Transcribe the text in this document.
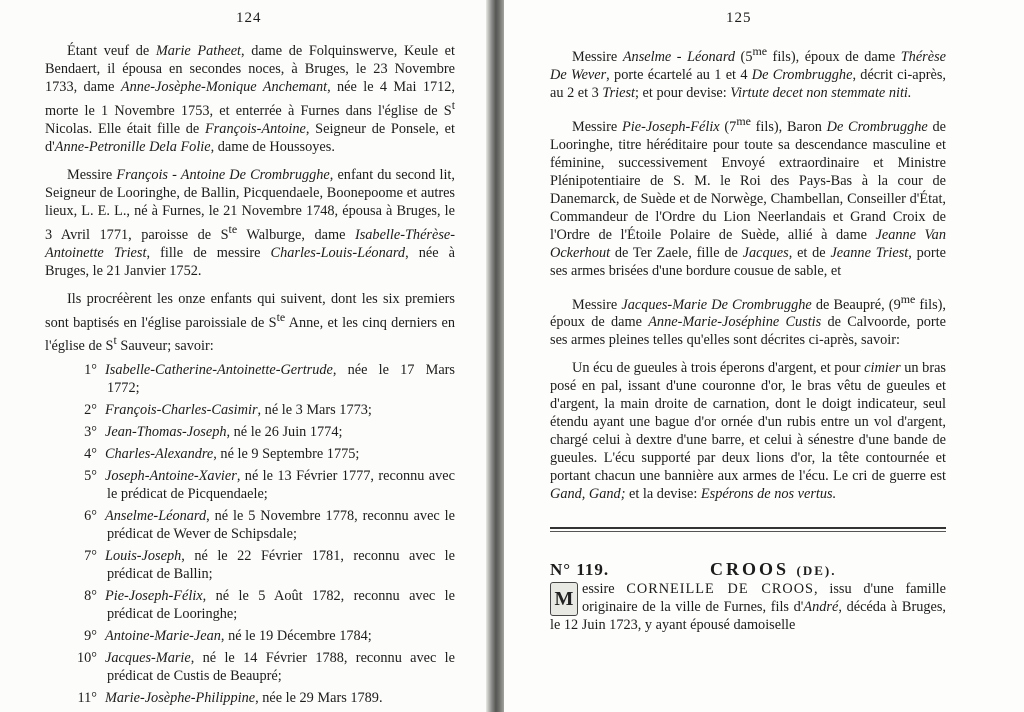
124

Étant veuf de Marie Patheet, dame de Folquinswerve, Keule et Bendaert, il épousa en secondes noces, à Bruges, le 23 Novembre 1733, dame Anne-Josèphe-Monique Anchemant, née le 4 Mai 1712, morte le 1 Novembre 1753, et enterrée à Furnes dans l'église de $S^t$ Nicolas. Elle était fille de François-Antoine, Seigneur de Ponsele, et d'Anne-Petronille Dela Folie, dame de Houssoyes.

Messire François - Antoine De Crombrugghe, enfant du second lit, Seigneur de Looringhe, de Ballin, Picquendaele, Boonepoome et autres lieux, L. E. L., né à Furnes, le 21 Novembre 1748, épousa à Bruges, le 3 Avril 1771, paroisse de $S^{te}$ Walburge, dame Isabelle-Thérèse-Antoinette Triest, fille de messire Charles-Louis-Léonard, née à Bruges, le 21 Janvier 1752.

Ils procréèrent les onze enfants qui suivent, dont les six premiers sont baptisés en l'église paroissiale de $S^{te}$ Anne, et les cinq derniers en l'église de $S^t$ Sauveur; savoir:

1° Isabelle-Catherine-Antoinette-Gertrude, née le 17 Mars 1772;
2° François-Charles-Casimir, né le 3 Mars 1773;
3° Jean-Thomas-Joseph, né le 26 Juin 1774;
4° Charles-Alexandre, né le 9 Septembre 1775;
5° Joseph-Antoine-Xavier, né le 13 Février 1777, reconnu avec le prédicat de Picquendaele;
6° Anselme-Léonard, né le 5 Novembre 1778, reconnu avec le prédicat de Wever de Schipsdale;
7° Louis-Joseph, né le 22 Février 1781, reconnu avec le prédicat de Ballin;
8° Pie-Joseph-Félix, né le 5 Août 1782, reconnu avec le prédicat de Looringhe;
9° Antoine-Marie-Jean, né le 19 Décembre 1784;
10° Jacques-Marie, né le 14 Février 1788, reconnu avec le prédicat de Custis de Beaupré;
11° Marie-Josèphe-Philippine, née le 29 Mars 1789.
125

Messire Anselme - Léonard ($5^{me}$ fils), époux de dame Thérèse De Wever, porte écartelé au 1 et 4 De Crombrugghe, décrit ci-après, au 2 et 3 Triest; et pour devise: Virtute decet non stemmate niti.

Messire Pie-Joseph-Félix ($7^{me}$ fils), Baron De Crombrugghe de Looringhe, titre héréditaire pour toute sa descendance masculine et féminine, successivement Envoyé extraordinaire et Ministre Plénipotentiaire de S. M. le Roi des Pays-Bas à la cour de Danemarck, de Suède et de Norwège, Chambellan, Conseiller d'État, Commandeur de l'Ordre du Lion Neerlandais et Grand Croix de l'Ordre de l'Étoile Polaire de Suède, allié à dame Jeanne Van Ockerhout de Ter Zaele, fille de Jacques, et de Jeanne Triest, porte ses armes brisées d'une bordure cousue de sable, et

Messire Jacques-Marie De Crombrugghe de Beaupré, ($9^{me}$ fils), époux de dame Anne-Marie-Joséphine Custis de Calvoorde, porte ses armes pleines telles qu'elles sont décrites ci-après, savoir:

Un écu de gueules à trois éperons d'argent, et pour cimier un bras posé en pal, issant d'une couronne d'or, le bras vêtu de gueules et d'argent, la main droite de carnation, dont le doigt indicateur, seul étendu ayant une bague d'or ornée d'un rubis entre un vol d'argent, chargé celui à dextre d'une barre, et celui à sénestre d'une bande de gueules. L'écu supporté par deux lions d'or, la tête contournée et portant chacun une bannière aux armes de l'écu. Le cri de guerre est Gand, Gand; et la devise: Espérons de nos vertus.

N° 119.	CROOS (DE).

M essire CORNEILLE DE CROOS, issu d'une famille originaire de la ville de Furnes, fils d'André, décéda à Bruges, le 12 Juin 1723, y ayant épousé damoiselle
